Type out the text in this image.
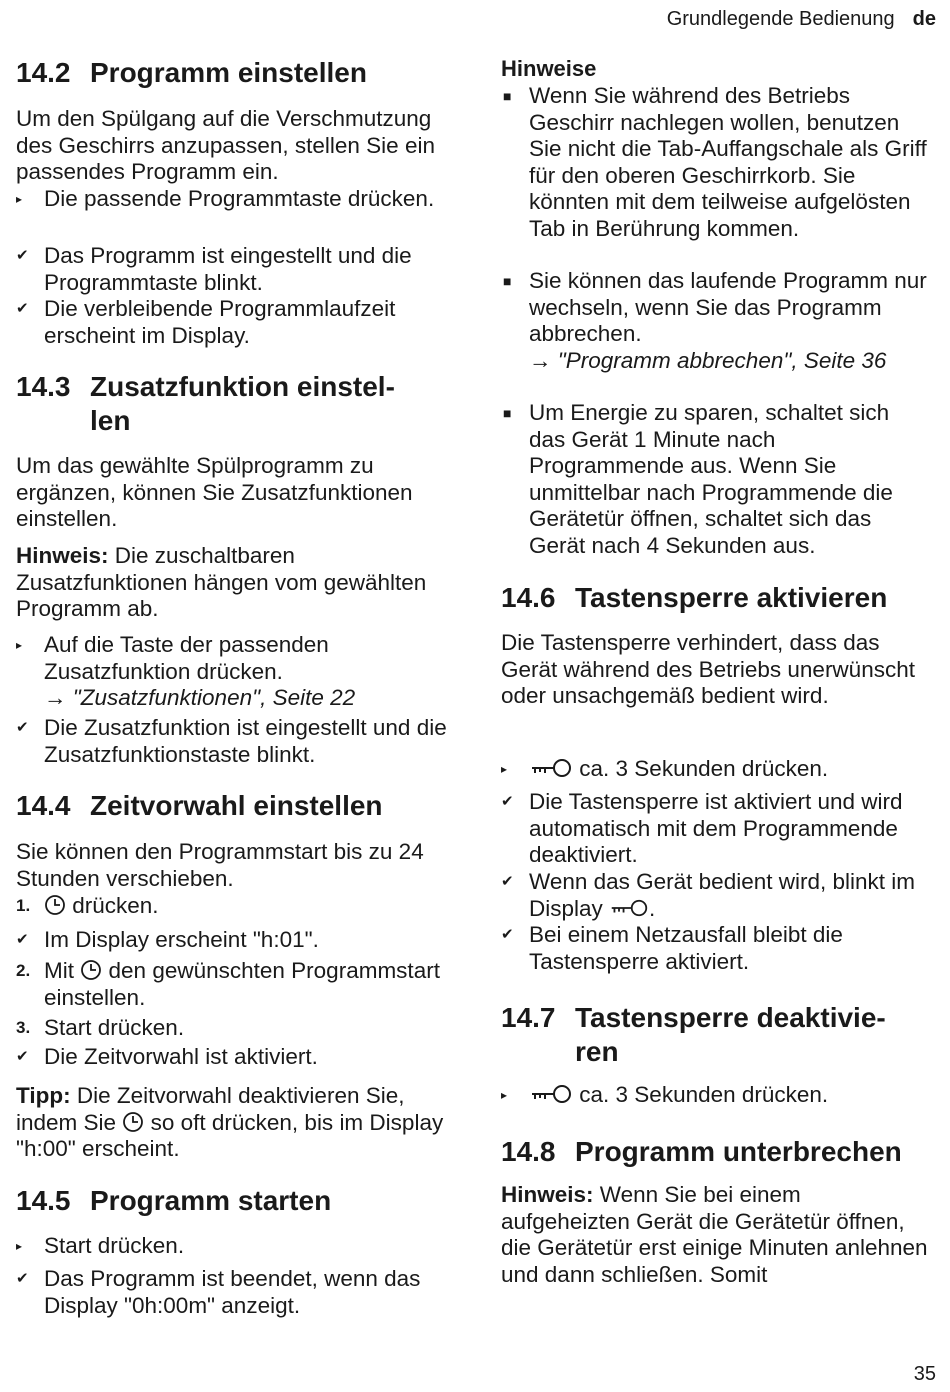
Grundlegende Bedienung de
14.2 Programm einstellen

Um den Spülgang auf die Verschmutzung des Geschirrs anzupassen, stellen Sie ein passendes Programm ein.

▸ Die passende Programmtaste drücken.
✔ Das Programm ist eingestellt und die Programmtaste blinkt.
✔ Die verbleibende Programmlaufzeit erscheint im Display.
14.3 Zusatzfunktion einstel-
len

Um das gewählte Spülprogramm zu ergänzen, können Sie Zusatzfunktionen einstellen.

Hinweis: Die zuschaltbaren Zusatzfunktionen hängen vom gewählten Programm ab.

▸ Auf die Taste der passenden Zusatzfunktion drücken.
→ "Zusatzfunktionen", Seite 22
✔ Die Zusatzfunktion ist eingestellt und die Zusatzfunktionstaste blinkt.
14.4 Zeitvorwahl einstellen

Sie können den Programmstart bis zu 24 Stunden verschieben.

1.	drücken.
✔ Im Display erscheint "h:01".
2. Mit den gewünschten Programmstart einstellen.
3. Start drücken.
✔ Die Zeitvorwahl ist aktiviert.

Tipp: Die Zeitvorwahl deaktivieren Sie, indem Sie so oft drücken, bis im Display "h:00" erscheint.

14.5 Programm starten
▸ Start drücken.
✔ Das Programm ist beendet, wenn das Display "0h:00m" anzeigt.
Hinweise
■ Wenn Sie während des Betriebs Geschirr nachlegen wollen, benutzen Sie nicht die Tab-Auffangschale als Griff für den oberen Geschirrkorb. Sie könnten mit dem teilweise aufgelösten Tab in Berührung kommen.
■ Sie können das laufende Programm nur wechseln, wenn Sie das Programm abbrechen.
→ "Programm abbrechen", Seite 36
■ Um Energie zu sparen, schaltet sich das Gerät 1 Minute nach Programmende aus. Wenn Sie unmittelbar nach Programmende die Gerätetür öffnen, schaltet sich das Gerät nach 4 Sekunden aus.
14.6 Tastensperre aktivieren

Die Tastensperre verhindert, dass das Gerät während des Betriebs unerwünscht oder unsachgemäß bedient wird.

▸	ca. 3 Sekunden drücken.
✔ Die Tastensperre ist aktiviert und wird automatisch mit dem Programmende deaktiviert.
✔ Wenn das Gerät bedient wird, blinkt im Display .
✔ Bei einem Netzausfall bleibt die Tastensperre aktiviert.
14.7 Tastensperre deaktivie-
ren
▸	ca. 3 Sekunden drücken.
14.8 Programm unterbrechen

Hinweis: Wenn Sie bei einem aufgeheizten Gerät die Gerätetür öffnen, die Gerätetür erst einige Minuten anlehnen und dann schließen. Somit

35
